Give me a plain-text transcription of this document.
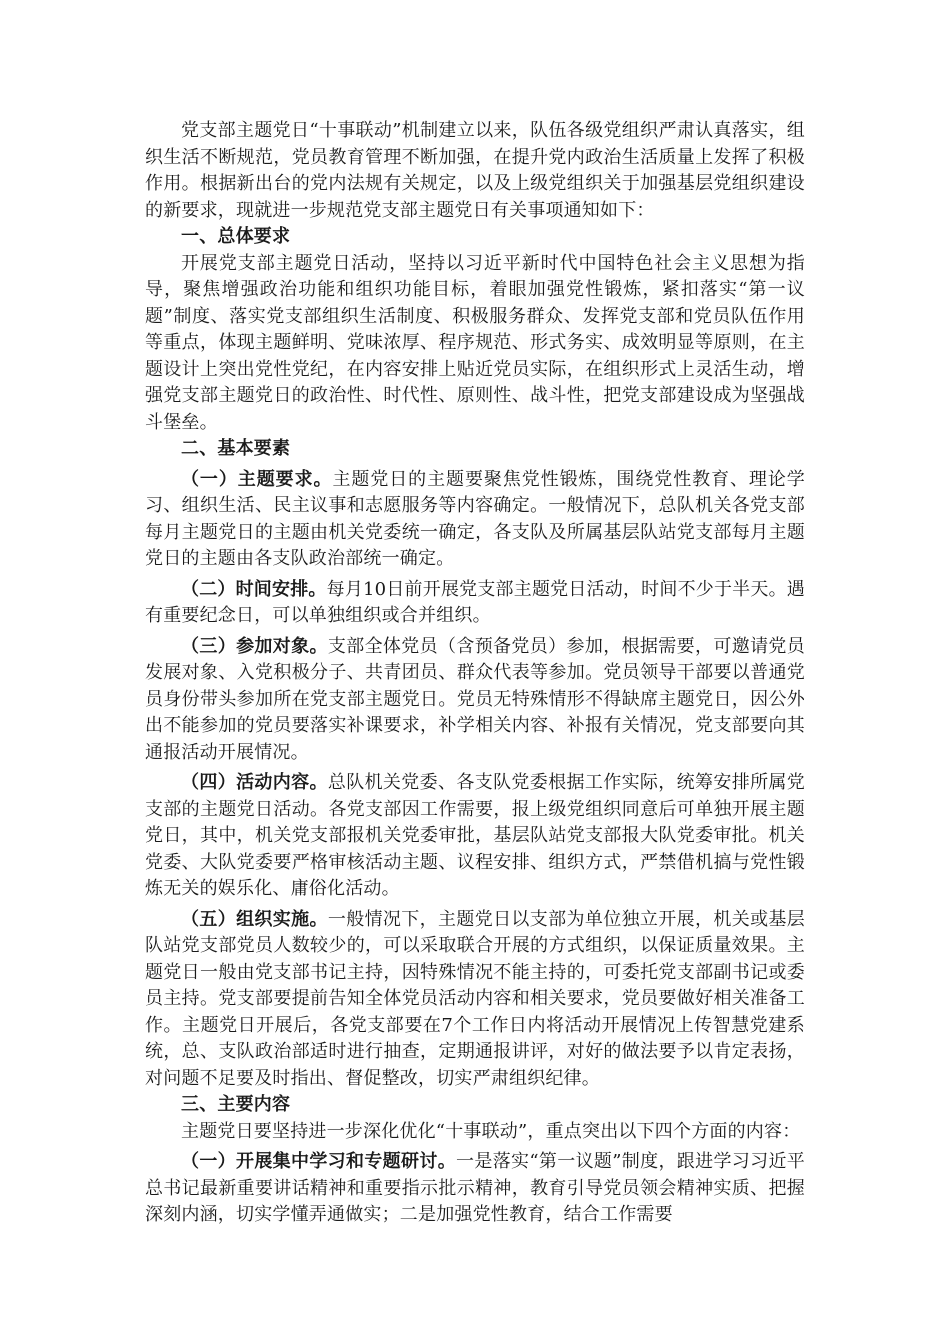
党支部主题党日“十事联动”机制建立以来，队伍各级党组织严肃认真落实，组织生活不断规范，党员教育管理不断加强，在提升党内政治生活质量上发挥了积极作用。根据新出台的党内法规有关规定，以及上级党组织关于加强基层党组织建设的新要求，现就进一步规范党支部主题党日有关事项通知如下：

一、总体要求

开展党支部主题党日活动，坚持以习近平新时代中国特色社会主义思想为指导，聚焦增强政治功能和组织功能目标，着眼加强党性锻炼，紧扣落实“第一议题”制度、落实党支部组织生活制度、积极服务群众、发挥党支部和党员队伍作用等重点，体现主题鲜明、党味浓厚、程序规范、形式务实、成效明显等原则，在主题设计上突出党性党纪，在内容安排上贴近党员实际，在组织形式上灵活生动，增强党支部主题党日的政治性、时代性、原则性、战斗性，把党支部建设成为坚强战斗堡垒。

二、基本要素

（一）主题要求。主题党日的主题要聚焦党性锻炼，围绕党性教育、理论学习、组织生活、民主议事和志愿服务等内容确定。一般情况下，总队机关各党支部每月主题党日的主题由机关党委统一确定，各支队及所属基层队站党支部每月主题党日的主题由各支队政治部统一确定。

（二）时间安排。每月10日前开展党支部主题党日活动，时间不少于半天。遇有重要纪念日，可以单独组织或合并组织。

（三）参加对象。支部全体党员（含预备党员）参加，根据需要，可邀请党员发展对象、入党积极分子、共青团员、群众代表等参加。党员领导干部要以普通党员身份带头参加所在党支部主题党日。党员无特殊情形不得缺席主题党日，因公外出不能参加的党员要落实补课要求，补学相关内容、补报有关情况，党支部要向其通报活动开展情况。

（四）活动内容。总队机关党委、各支队党委根据工作实际，统筹安排所属党支部的主题党日活动。各党支部因工作需要，报上级党组织同意后可单独开展主题党日，其中，机关党支部报机关党委审批，基层队站党支部报大队党委审批。机关党委、大队党委要严格审核活动主题、议程安排、组织方式，严禁借机搞与党性锻炼无关的娱乐化、庸俗化活动。

（五）组织实施。一般情况下，主题党日以支部为单位独立开展，机关或基层队站党支部党员人数较少的，可以采取联合开展的方式组织，以保证质量效果。主题党日一般由党支部书记主持，因特殊情况不能主持的，可委托党支部副书记或委员主持。党支部要提前告知全体党员活动内容和相关要求，党员要做好相关准备工作。主题党日开展后，各党支部要在7个工作日内将活动开展情况上传智慧党建系统，总、支队政治部适时进行抽查，定期通报讲评，对好的做法要予以肯定表扬，对问题不足要及时指出、督促整改，切实严肃组织纪律。

三、主要内容

主题党日要坚持进一步深化优化“十事联动”，重点突出以下四个方面的内容：

（一）开展集中学习和专题研讨。一是落实“第一议题”制度，跟进学习习近平总书记最新重要讲话精神和重要指示批示精神，教育引导党员领会精神实质、把握深刻内涵，切实学懂弄通做实；二是加强党性教育，结合工作需要
